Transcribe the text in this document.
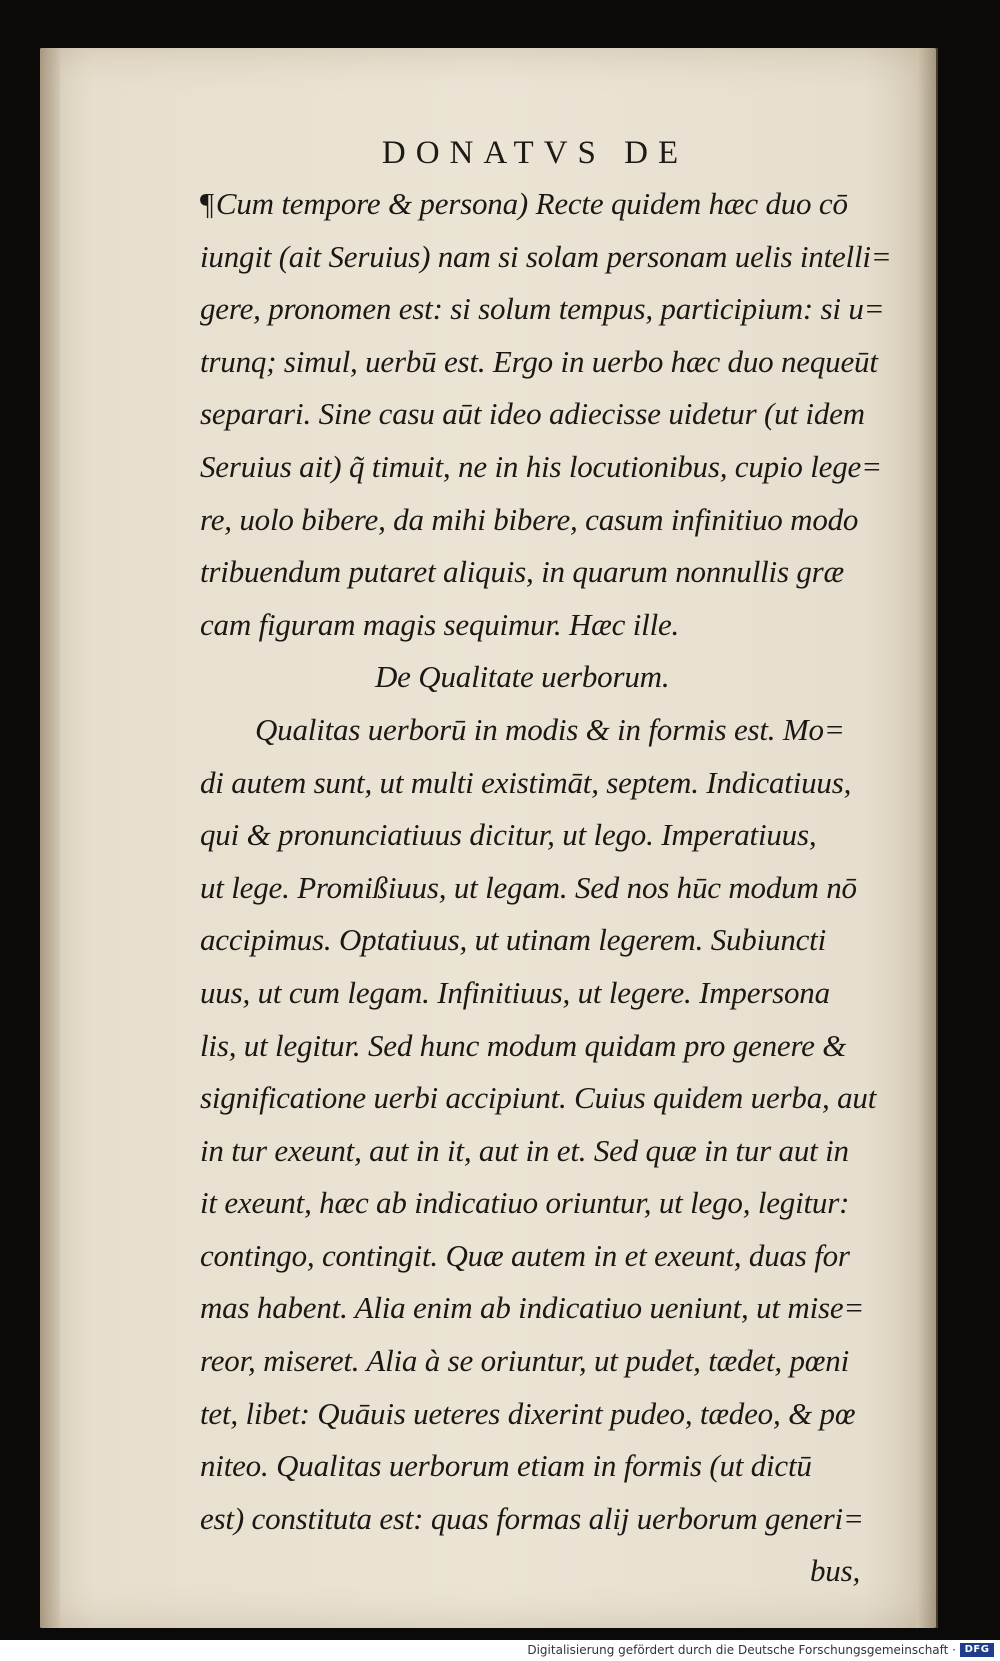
DONATVS DE
¶Cum tempore & persona) Recte quidem hæc duo cō
iungit (ait Seruius) nam si solam personam uelis intelli=
gere, pronomen est: si solum tempus, participium: si u=
trunq; simul, uerbū est. Ergo in uerbo hæc duo nequeūt
separari. Sine casu aūt ideo adiecisse uidetur (ut idem
Seruius ait) q̃ timuit, ne in his locutionibus, cupio lege=
re, uolo bibere, da mihi bibere, casum infinitiuo modo
tribuendum putaret aliquis, in quarum nonnullis græ
cam figuram magis sequimur. Hæc ille.
De Qualitate uerborum.
Qualitas uerborū in modis & in formis est. Mo=
di autem sunt, ut multi existimāt, septem. Indicatiuus,
qui & pronunciatiuus dicitur, ut lego. Imperatiuus,
ut lege. Promißiuus, ut legam. Sed nos hūc modum nō
accipimus. Optatiuus, ut utinam legerem. Subiuncti
uus, ut cum legam. Infinitiuus, ut legere. Impersona
lis, ut legitur. Sed hunc modum quidam pro genere &
significatione uerbi accipiunt. Cuius quidem uerba, aut
in tur exeunt, aut in it, aut in et. Sed quæ in tur aut in
it exeunt, hæc ab indicatiuo oriuntur, ut lego, legitur:
contingo, contingit. Quæ autem in et exeunt, duas for
mas habent. Alia enim ab indicatiuo ueniunt, ut mise=
reor, miseret. Alia à se oriuntur, ut pudet, tædet, pœni
tet, libet: Quāuis ueteres dixerint pudeo, tædeo, & pœ
niteo. Qualitas uerborum etiam in formis (ut dictū
est) constituta est: quas formas alij uerborum generi=
bus,
Digitalisierung gefördert durch die Deutsche Forschungsgemeinschaft · DFG
